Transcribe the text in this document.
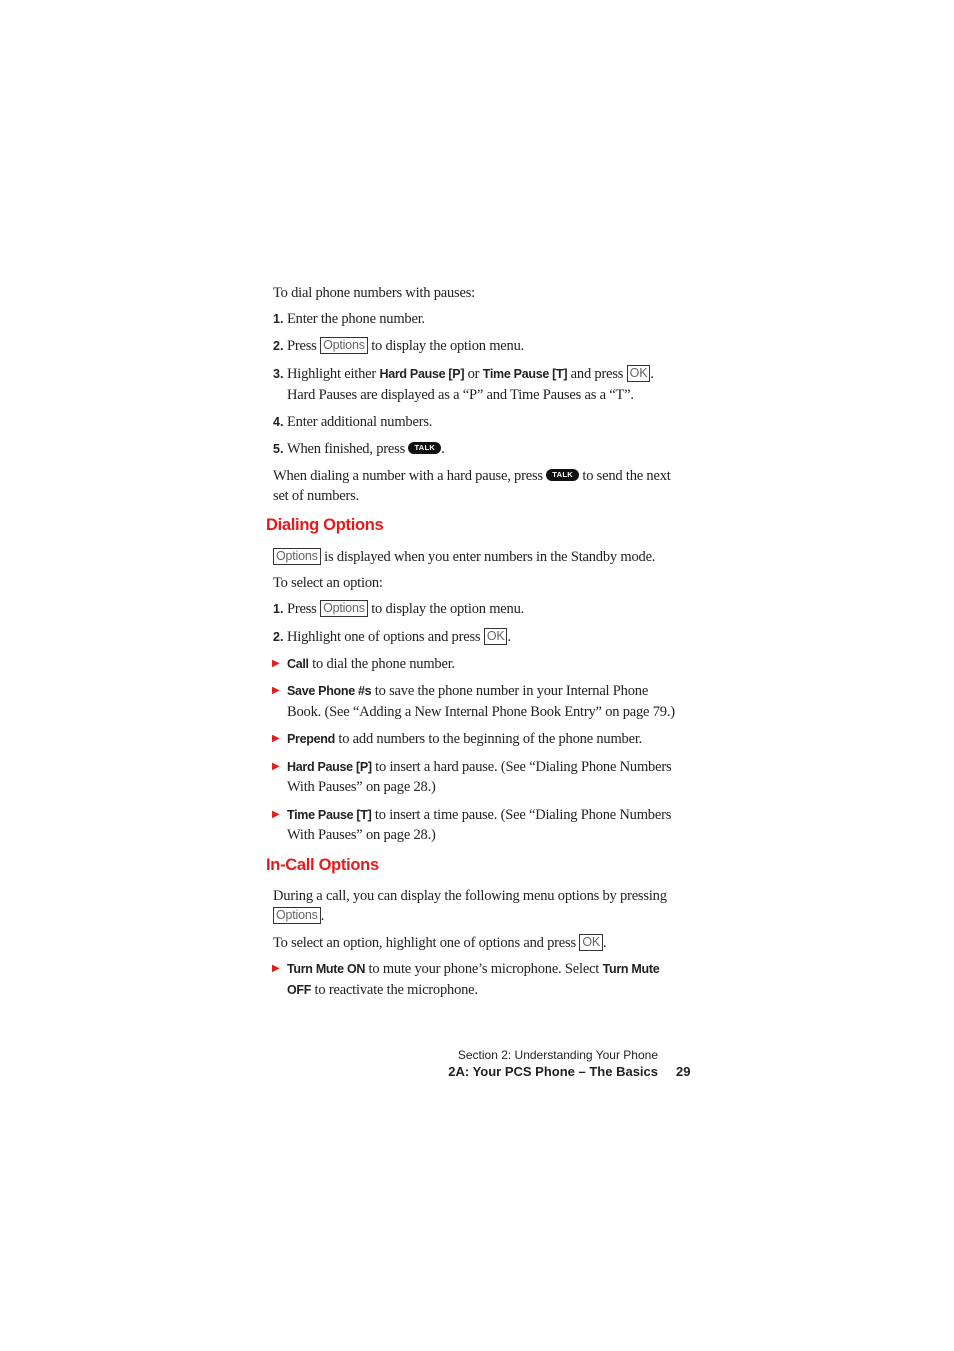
To dial phone numbers with pauses:
1. Enter the phone number.
2. Press Options to display the option menu.
3. Highlight either Hard Pause [P] or Time Pause [T] and press OK .
Hard Pauses are displayed as a “P” and Time Pauses as a “T”.
4. Enter additional numbers.
5. When finished, press TALK .
When dialing a number with a hard pause, press TALK to send the next
set of numbers.
Dialing Options
Options is displayed when you enter numbers in the Standby mode.
To select an option:
1. Press Options to display the option menu.
2. Highlight one of options and press OK .
▶ Call to dial the phone number.
▶ Save Phone #s to save the phone number in your Internal Phone
Book. (See “Adding a New Internal Phone Book Entry” on page 79.)
▶ Prepend to add numbers to the beginning of the phone number.
▶ Hard Pause [P] to insert a hard pause. (See “Dialing Phone Numbers
With Pauses” on page 28.)
▶ Time Pause [T] to insert a time pause. (See “Dialing Phone Numbers
With Pauses” on page 28.)
In-Call Options
During a call, you can display the following menu options by pressing
Options .
To select an option, highlight one of options and press OK .
▶ Turn Mute ON to mute your phone’s microphone. Select Turn Mute
OFF to reactivate the microphone.
Section 2: Understanding Your Phone
2A: Your PCS Phone – The Basics 29
